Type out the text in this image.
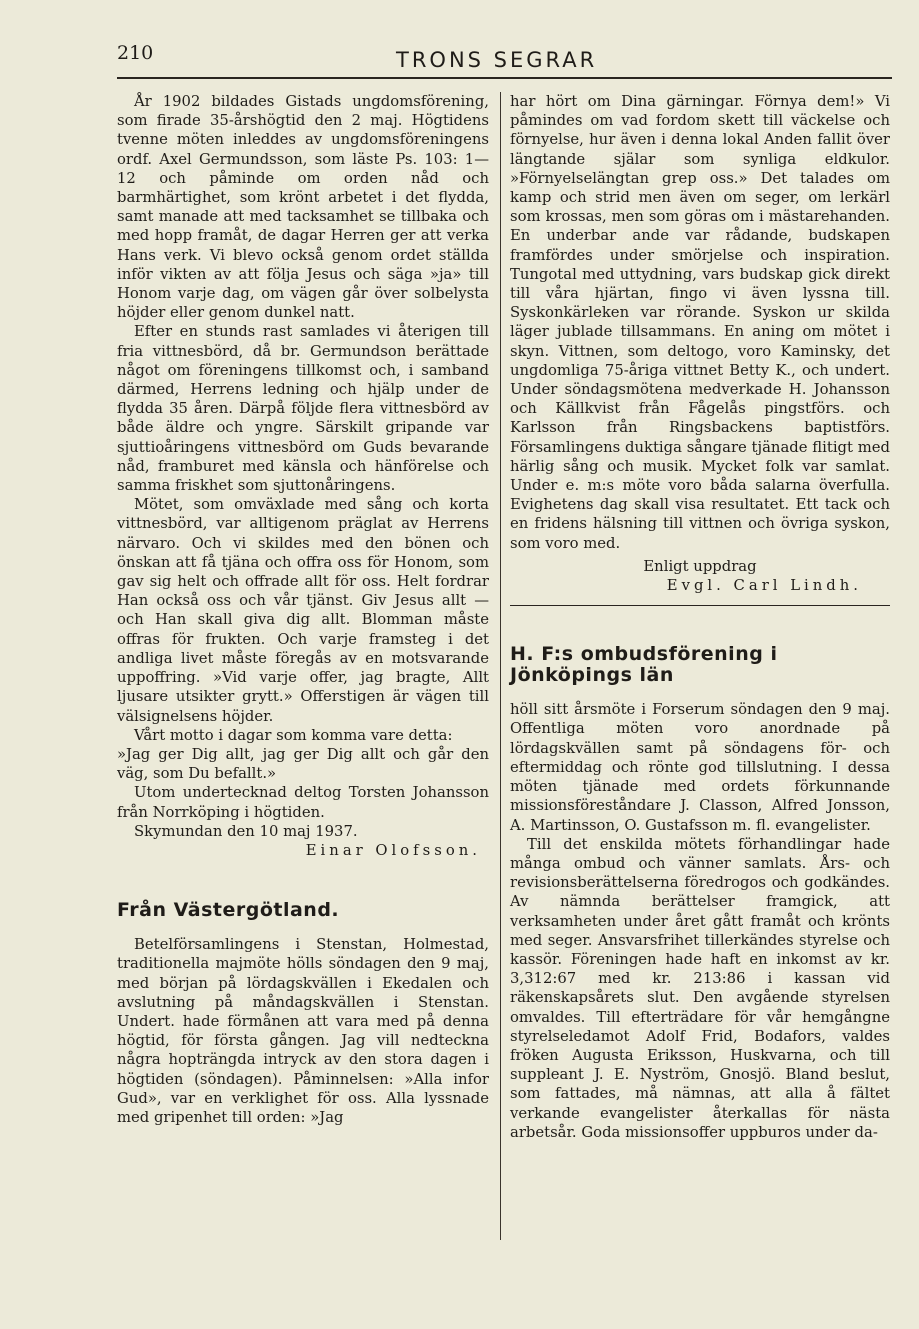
210	TRONS SEGRAR

År 1902 bildades Gistads ungdomsförening, som firade 35-årshögtid den 2 maj. Högtidens tvenne möten inleddes av ungdomsföreningens ordf. Axel Germundsson, som läste Ps. 103: 1—12 och påminde om orden nåd och barmhärtighet, som krönt arbetet i det flydda, samt manade att med tacksamhet se tillbaka och med hopp framåt, de dagar Herren ger att verka Hans verk. Vi blevo också genom ordet ställda inför vikten av att följa Jesus och säga »ja» till Honom varje dag, om vägen går över solbelysta höjder eller genom dunkel natt.

Efter en stunds rast samlades vi återigen till fria vittnesbörd, då br. Germundson berättade något om föreningens tillkomst och, i samband därmed, Herrens ledning och hjälp under de flydda 35 åren. Därpå följde flera vittnesbörd av både äldre och yngre. Särskilt gripande var sjuttioåringens vittnesbörd om Guds bevarande nåd, framburet med känsla och hänförelse och samma friskhet som sjuttonåringens.

Mötet, som omväxlade med sång och korta vittnesbörd, var alltigenom präglat av Herrens närvaro. Och vi skildes med den bönen och önskan att få tjäna och offra oss för Honom, som gav sig helt och offrade allt för oss. Helt fordrar Han också oss och vår tjänst. Giv Jesus allt — och Han skall giva dig allt. Blomman måste offras för frukten. Och varje framsteg i det andliga livet måste föregås av en motsvarande uppoffring. »Vid varje offer, jag bragte, Allt ljusare utsikter grytt.» Offerstigen är vägen till välsignelsens höjder.

Vårt motto i dagar som komma vare detta:

»Jag ger Dig allt, jag ger Dig allt och går den väg, som Du befallt.»

Utom undertecknad deltog Torsten Johansson från Norrköping i högtiden.

Skymundan den 10 maj 1937.

Einar Olofsson.

Från Västergötland.

Betelförsamlingens i Stenstan, Holmestad, traditionella majmöte hölls söndagen den 9 maj, med början på lördagskvällen i Ekedalen och avslutning på måndagskvällen i Stenstan. Undert. hade förmånen att vara med på denna högtid, för första gången. Jag vill nedteckna några hopträngda intryck av den stora dagen i högtiden (söndagen). Påminnelsen: »Alla infor Gud», var en verklighet för oss. Alla lyssnade med gripenhet till orden: »Jag

har hört om Dina gärningar. Förnya dem!» Vi påmindes om vad fordom skett till väckelse och förnyelse, hur även i denna lokal Anden fallit över längtande själar som synliga eldkulor. »Förnyelselängtan grep oss.» Det talades om kamp och strid men även om seger, om lerkärl som krossas, men som göras om i mästarehanden. En underbar ande var rådande, budskapen framfördes under smörjelse och inspiration. Tungotal med uttydning, vars budskap gick direkt till våra hjärtan, fingo vi även lyssna till. Syskonkärleken var rörande. Syskon ur skilda läger jublade tillsammans. En aning om mötet i skyn. Vittnen, som deltogo, voro Kaminsky, det ungdomliga 75-åriga vittnet Betty K., och undert. Under söndagsmötena medverkade H. Johansson och Källkvist från Fågelås pingstförs. och Karlsson från Ringsbackens baptistförs. Församlingens duktiga sångare tjänade flitigt med härlig sång och musik. Mycket folk var samlat. Under e. m:s möte voro båda salarna överfulla. Evighetens dag skall visa resultatet. Ett tack och en fridens hälsning till vittnen och övriga syskon, som voro med.

Enligt uppdrag

Evgl. Carl Lindh.

H. F:s ombudsförening i Jönköpings län

höll sitt årsmöte i Forserum söndagen den 9 maj. Offentliga möten voro anordnade på lördagskvällen samt på söndagens för- och eftermiddag och rönte god tillslutning. I dessa möten tjänade med ordets förkunnande missionsföreståndare J. Classon, Alfred Jonsson, A. Martinsson, O. Gustafsson m. fl. evangelister.

Till det enskilda mötets förhandlingar hade många ombud och vänner samlats. Års- och revisionsberättelserna föredrogos och godkändes. Av nämnda berättelser framgick, att verksamheten under året gått framåt och krönts med seger. Ansvarsfrihet tillerkändes styrelse och kassör. Föreningen hade haft en inkomst av kr. 3,312:67 med kr. 213:86 i kassan vid räkenskapsårets slut. Den avgående styrelsen omvaldes. Till efterträdare för vår hemgångne styrelseledamot Adolf Frid, Bodafors, valdes fröken Augusta Eriksson, Huskvarna, och till suppleant J. E. Nyström, Gnosjö. Bland beslut, som fattades, må nämnas, att alla å fältet verkande evangelister återkallas för nästa arbetsår. Goda missionsoffer uppburos under da-
